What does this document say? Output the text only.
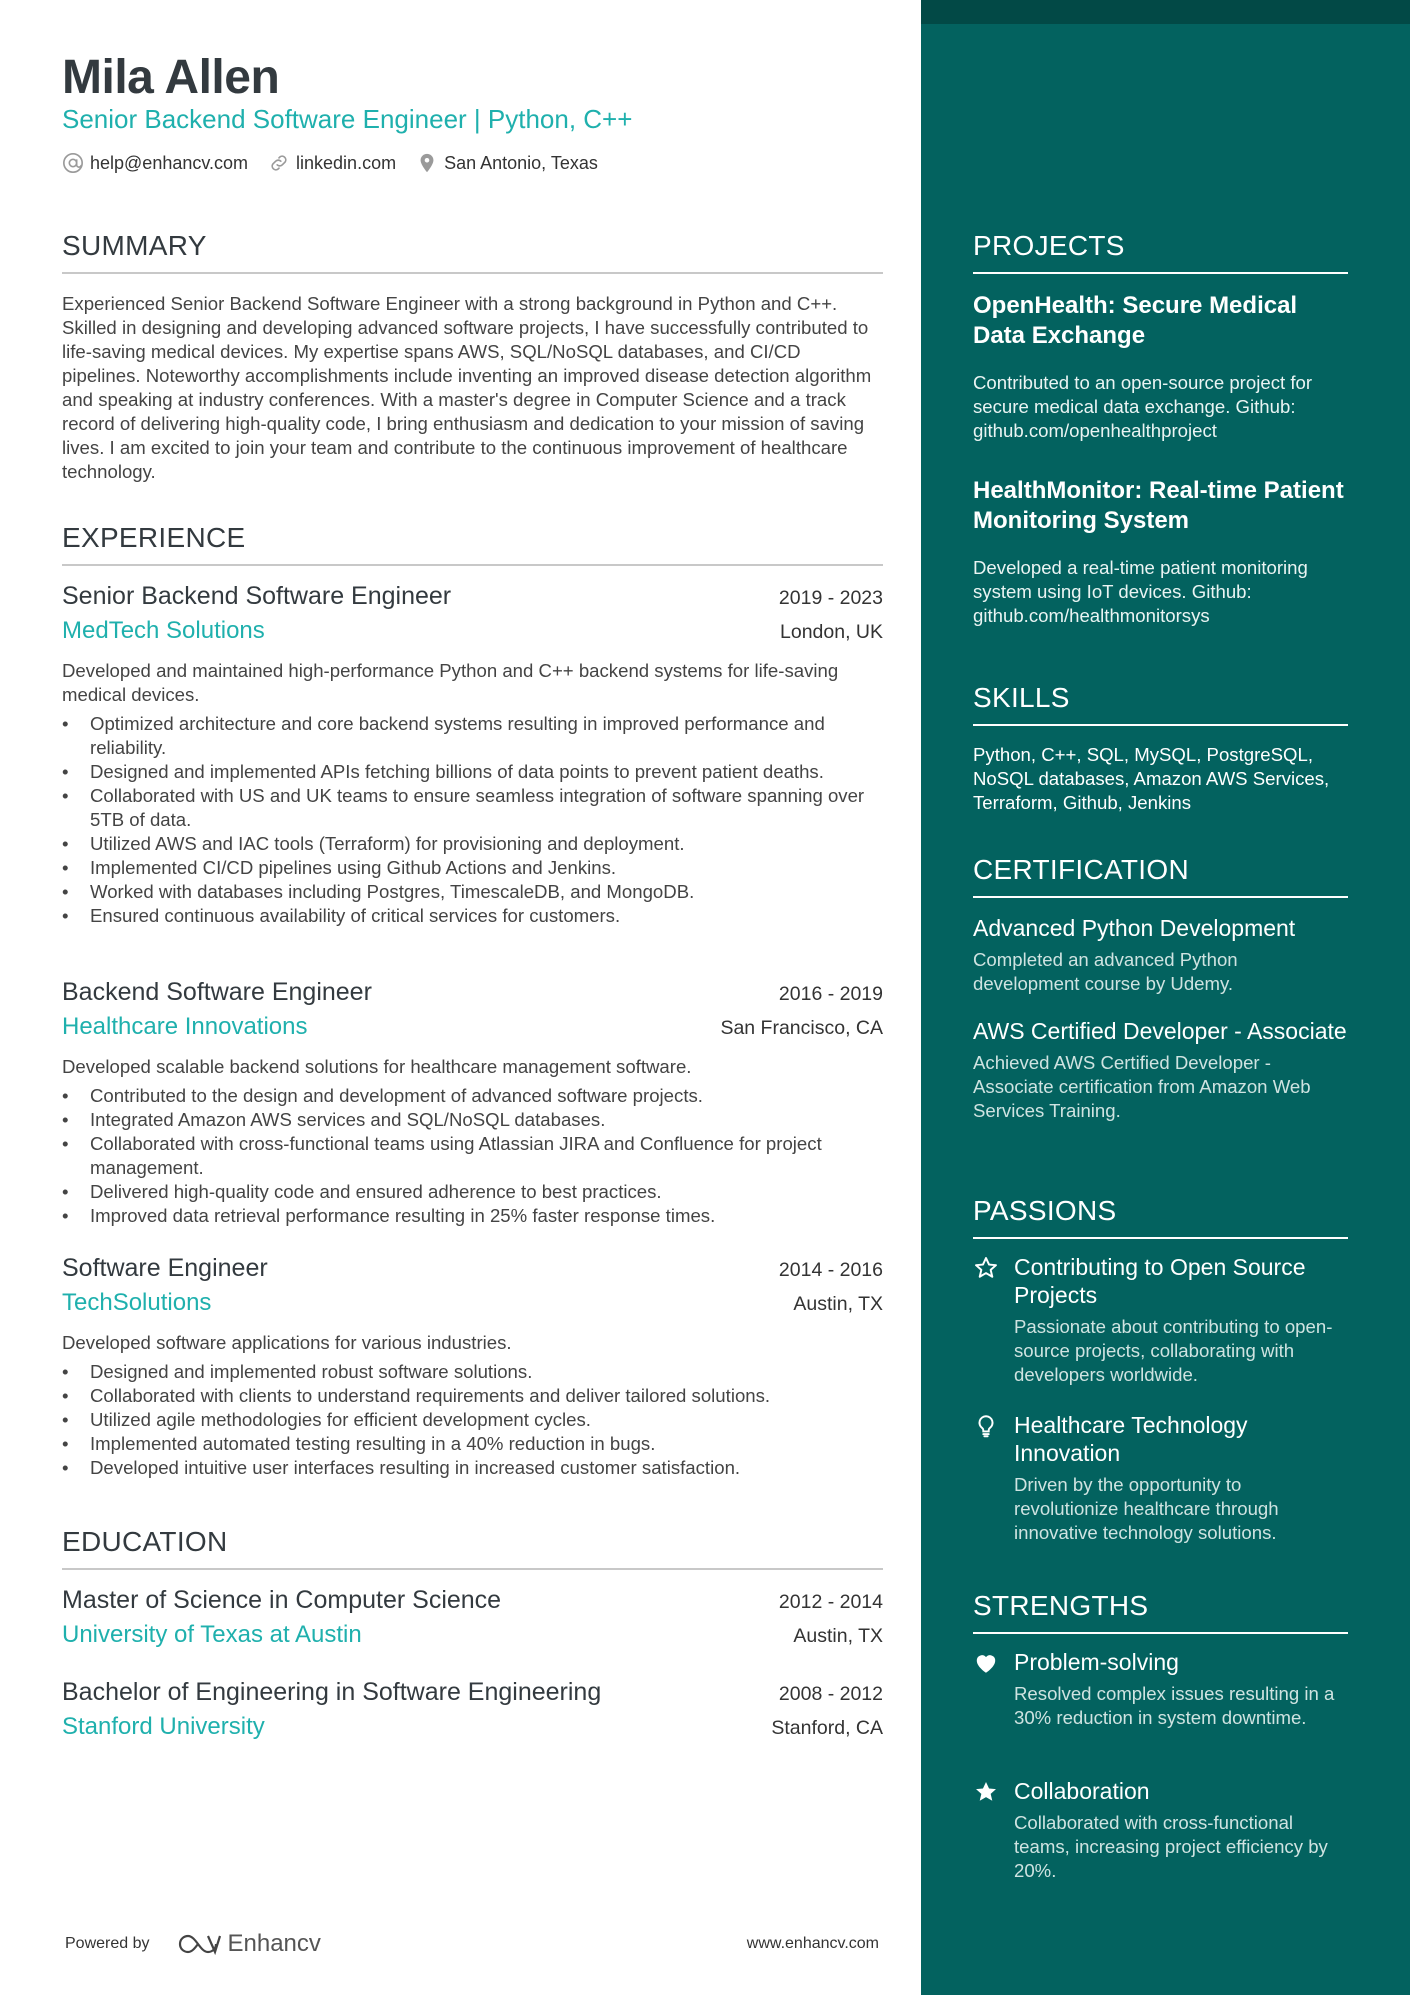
Mila Allen
Senior Backend Software Engineer | Python, C++
help@enhancv.com	linkedin.com	San Antonio, Texas
SUMMARY
Experienced Senior Backend Software Engineer with a strong background in Python and C++. Skilled in designing and developing advanced software projects, I have successfully contributed to life-saving medical devices. My expertise spans AWS, SQL/NoSQL databases, and CI/CD pipelines. Noteworthy accomplishments include inventing an improved disease detection algorithm and speaking at industry conferences. With a master's degree in Computer Science and a track record of delivering high-quality code, I bring enthusiasm and dedication to your mission of saving lives. I am excited to join your team and contribute to the continuous improvement of healthcare technology.
EXPERIENCE
Senior Backend Software Engineer	2019 - 2023
MedTech Solutions	London, UK
Developed and maintained high-performance Python and C++ backend systems for life-saving medical devices.
• Optimized architecture and core backend systems resulting in improved performance and reliability.
• Designed and implemented APIs fetching billions of data points to prevent patient deaths.
• Collaborated with US and UK teams to ensure seamless integration of software spanning over 5TB of data.
• Utilized AWS and IAC tools (Terraform) for provisioning and deployment.
• Implemented CI/CD pipelines using Github Actions and Jenkins.
• Worked with databases including Postgres, TimescaleDB, and MongoDB.
• Ensured continuous availability of critical services for customers.
Backend Software Engineer	2016 - 2019
Healthcare Innovations	San Francisco, CA
Developed scalable backend solutions for healthcare management software.
• Contributed to the design and development of advanced software projects.
• Integrated Amazon AWS services and SQL/NoSQL databases.
• Collaborated with cross-functional teams using Atlassian JIRA and Confluence for project management.
• Delivered high-quality code and ensured adherence to best practices.
• Improved data retrieval performance resulting in 25% faster response times.
Software Engineer	2014 - 2016
TechSolutions	Austin, TX
Developed software applications for various industries.
• Designed and implemented robust software solutions.
• Collaborated with clients to understand requirements and deliver tailored solutions.
• Utilized agile methodologies for efficient development cycles.
• Implemented automated testing resulting in a 40% reduction in bugs.
• Developed intuitive user interfaces resulting in increased customer satisfaction.
EDUCATION
Master of Science in Computer Science	2012 - 2014
University of Texas at Austin	Austin, TX
Bachelor of Engineering in Software Engineering	2008 - 2012
Stanford University	Stanford, CA
Powered by	Enhancv	www.enhancv.com
PROJECTS
OpenHealth: Secure Medical Data Exchange
Contributed to an open-source project for secure medical data exchange. Github: github.com/openhealthproject
HealthMonitor: Real-time Patient Monitoring System
Developed a real-time patient monitoring system using IoT devices. Github: github.com/healthmonitorsys
SKILLS
Python, C++, SQL, MySQL, PostgreSQL, NoSQL databases, Amazon AWS Services, Terraform, Github, Jenkins
CERTIFICATION
Advanced Python Development
Completed an advanced Python development course by Udemy.
AWS Certified Developer - Associate
Achieved AWS Certified Developer - Associate certification from Amazon Web Services Training.
PASSIONS
Contributing to Open Source Projects
Passionate about contributing to open-source projects, collaborating with developers worldwide.
Healthcare Technology Innovation
Driven by the opportunity to revolutionize healthcare through innovative technology solutions.
STRENGTHS
Problem-solving
Resolved complex issues resulting in a 30% reduction in system downtime.
Collaboration
Collaborated with cross-functional teams, increasing project efficiency by 20%.
